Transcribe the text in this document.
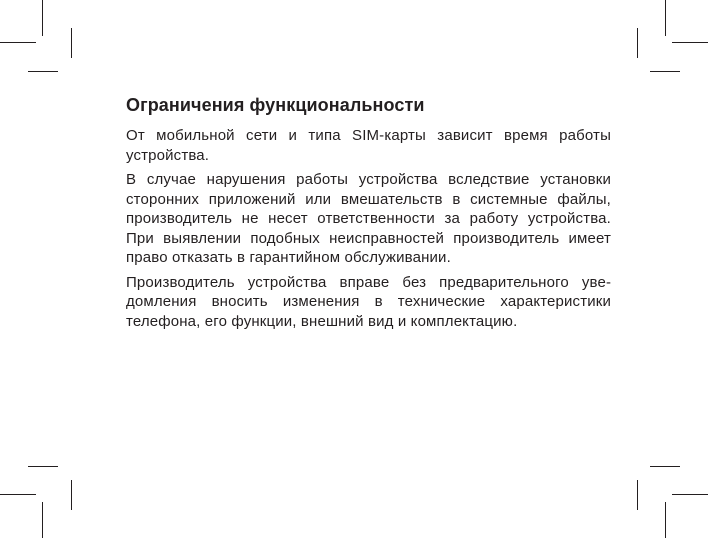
Ограничения функциональности

От мобильной сети и типа SIM-карты зависит время работы устройства.

В случае нарушения работы устройства вследствие установки сторонних приложений или вмешательств в системные файлы, производитель не несет ответственности за работу устройства. При выявлении подобных неисправностей производитель имеет право отказать в гарантийном обслуживании.

Производитель устройства вправе без предварительного уведомления вносить изменения в технические характеристики телефона, его функции, внешний вид и комплектацию.
